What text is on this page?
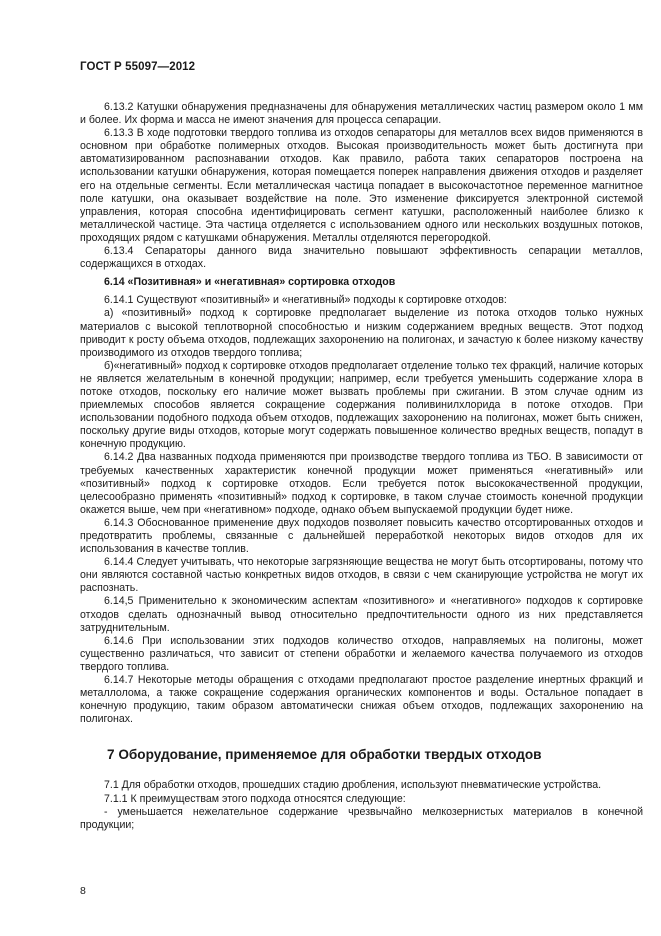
ГОСТ Р 55097—2012

6.13.2 Катушки обнаружения предназначены для обнаружения металлических частиц размером около 1 мм и более. Их форма и масса не имеют значения для процесса сепарации.

6.13.3 В ходе подготовки твердого топлива из отходов сепараторы для металлов всех видов применяются в основном при обработке полимерных отходов. Высокая производительность может быть достигнута при автоматизированном распознавании отходов. Как правило, работа таких сепараторов построена на использовании катушки обнаружения, которая помещается поперек направления движения отходов и разделяет его на отдельные сегменты. Если металлическая частица попадает в высокочастотное переменное магнитное поле катушки, она оказывает воздействие на поле. Это изменение фиксируется электронной системой управления, которая способна идентифицировать сегмент катушки, расположенный наиболее близко к металлической частице. Эта частица отделяется с использованием одного или нескольких воздушных потоков, проходящих рядом с катушками обнаружения. Металлы отделяются перегородкой.

6.13.4 Сепараторы данного вида значительно повышают эффективность сепарации металлов, содержащихся в отходах.

6.14 «Позитивная» и «негативная» сортировка отходов

6.14.1 Существуют «позитивный» и «негативный» подходы к сортировке отходов:

а) «позитивный» подход к сортировке предполагает выделение из потока отходов только нужных материалов с высокой теплотворной способностью и низким содержанием вредных веществ. Этот подход приводит к росту объема отходов, подлежащих захоронению на полигонах, и зачастую к более низкому качеству производимого из отходов твердого топлива;

б)«негативный» подход к сортировке отходов предполагает отделение только тех фракций, наличие которых не является желательным в конечной продукции; например, если требуется уменьшить содержание хлора в потоке отходов, поскольку его наличие может вызвать проблемы при сжигании. В этом случае одним из приемлемых способов является сокращение содержания поливинилхлорида в потоке отходов. При использовании подобного подхода объем отходов, подлежащих захоронению на полигонах, может быть снижен, поскольку другие виды отходов, которые могут содержать повышенное количество вредных веществ, попадут в конечную продукцию.

6.14.2 Два названных подхода применяются при производстве твердого топлива из ТБО. В зависимости от требуемых качественных характеристик конечной продукции может применяться «негативный» или «позитивный» подход к сортировке отходов. Если требуется поток высококачественной продукции, целесообразно применять «позитивный» подход к сортировке, в таком случае стоимость конечной продукции окажется выше, чем при «негативном» подходе, однако объем выпускаемой продукции будет ниже.

6.14.3 Обоснованное применение двух подходов позволяет повысить качество отсортированных отходов и предотвратить проблемы, связанные с дальнейшей переработкой некоторых видов отходов для их использования в качестве топлив.

6.14.4 Следует учитывать, что некоторые загрязняющие вещества не могут быть отсортированы, потому что они являются составной частью конкретных видов отходов, в связи с чем сканирующие устройства не могут их распознать.

6.14,5 Применительно к экономическим аспектам «позитивного» и «негативного» подходов к сортировке отходов сделать однозначный вывод относительно предпочтительности одного из них представляется затруднительным.

6.14.6 При использовании этих подходов количество отходов, направляемых на полигоны, может существенно различаться, что зависит от степени обработки и желаемого качества получаемого из отходов твердого топлива.

6.14.7 Некоторые методы обращения с отходами предполагают простое разделение инертных фракций и металлолома, а также сокращение содержания органических компонентов и воды. Остальное попадает в конечную продукцию, таким образом автоматически снижая объем отходов, подлежащих захоронению на полигонах.

7 Оборудование, применяемое для обработки твердых отходов

7.1 Для обработки отходов, прошедших стадию дробления, используют пневматические устройства.

7.1.1 К преимуществам этого подхода относятся следующие:

- уменьшается нежелательное содержание чрезвычайно мелкозернистых материалов в конечной продукции;

8
